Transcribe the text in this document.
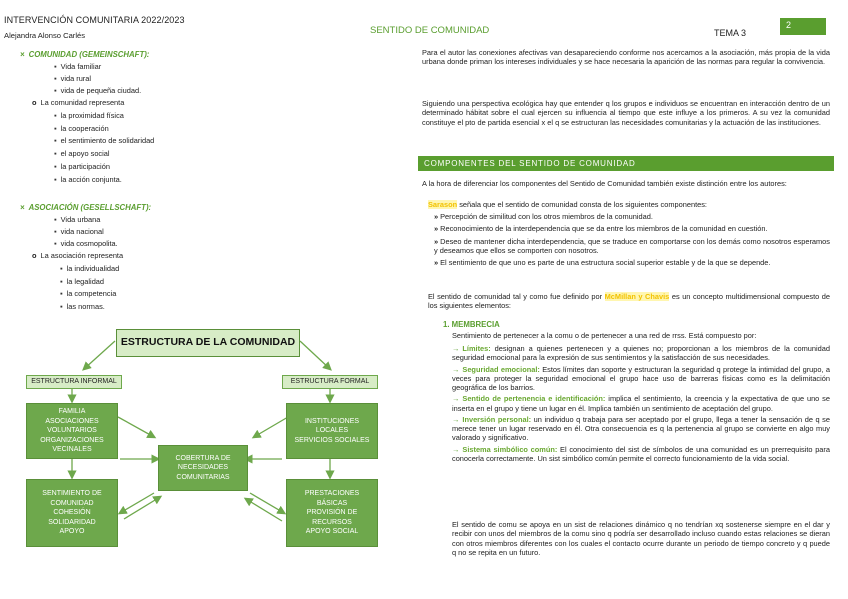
INTERVENCIÓN COMUNITARIA 2022/2023
Alejandra Alonso Carlés	SENTIDO DE COMUNIDAD	TEMA 3
2
× COMUNIDAD (GEMEINSCHAFT):
▪ Vida familiar
▪ vida rural
▪ vida de pequeña ciudad.
o La comunidad representa
▪ la proximidad física
▪ la cooperación
▪ el sentimiento de solidaridad
▪ el apoyo social
▪ la participación
▪ la acción conjunta.
× ASOCIACIÓN (GESELLSCHAFT):
▪ Vida urbana
▪ vida nacional
▪ vida cosmopolita.
o La asociación representa
▪ la individualidad
▪ la legalidad
▪ la competencia
▪ las normas.
ESTRUCTURA DE LA COMUNIDAD
ESTRUCTURA INFORMAL	ESTRUCTURA FORMAL
FAMILIA
ASOCIACIONES
VOLUNTARIOS
ORGANIZACIONES
VECINALES
INSTITUCIONES
LOCALES
SERVICIOS SOCIALES
COBERTURA DE
NECESIDADES
COMUNITARIAS
SENTIMIENTO DE
COMUNIDAD
COHESIÓN
SOLIDARIDAD
APOYO
PRESTACIONES
BÁSICAS
PROVISIÓN DE
RECURSOS
APOYO SOCIAL
Para el autor las conexiones afectivas van desapareciendo conforme nos acercamos a la asociación, más propia de la vida urbana donde priman los intereses individuales y se hace necesaria la aparición de las normas para regular la convivencia.
Siguiendo una perspectiva ecológica hay que entender q los grupos e individuos se encuentran en interacción dentro de un determinado hábitat sobre el cual ejercen su influencia al tiempo que este influye a los primeros. A su vez la comunidad constituye el pto de partida esencial x el q se estructuran las necesidades comunitarias y la actuación de las instituciones.
COMPONENTES DEL SENTIDO DE COMUNIDAD
A la hora de diferenciar los componentes del Sentido de Comunidad también existe distinción entre los autores:
Sarason señala que el sentido de comunidad consta de los siguientes componentes:
» Percepción de similitud con los otros miembros de la comunidad.
» Reconocimiento de la interdependencia que se da entre los miembros de la comunidad en cuestión.
» Deseo de mantener dicha interdependencia, que se traduce en comportarse con los demás como nosotros esperamos y deseamos que ellos se comporten con nosotros.
» El sentimiento de que uno es parte de una estructura social superior estable y de la que se depende.
El sentido de comunidad tal y como fue definido por McMillan y Chavis es un concepto multidimensional compuesto de los siguientes elementos:
1. MEMBRECIA
Sentimiento de pertenecer a la comu o de pertenecer a una red de rrss. Está compuesto por:
→ Límites: designan a quienes pertenecen y a quienes no; proporcionan a los miembros de la comunidad seguridad emocional para la expresión de sus sentimientos y la satisfacción de sus necesidades.
→ Seguridad emocional: Estos límites dan soporte y estructuran la seguridad q protege la intimidad del grupo, a veces para proteger la seguridad emocional el grupo hace uso de barreras físicas como es la delimitación geográfica de los barrios.
→ Sentido de pertenencia e identificación: implica el sentimiento, la creencia y la expectativa de que uno se inserta en el grupo y tiene un lugar en él. Implica también un sentimiento de aceptación del grupo.
→ Inversión personal: un individuo q trabaja para ser aceptado por el grupo, llega a tener la sensación de q se merece tener un lugar reservado en él. Otra consecuencia es q la pertenencia al grupo se convierte en algo muy valorado y significativo.
→ Sistema simbólico común: El conocimiento del sist de símbolos de una comunidad es un prerrequisito para conocerla correctamente. Un sist simbólico común permite el correcto funcionamiento de la vida social.
El sentido de comu se apoya en un sist de relaciones dinámico q no tendrían xq sostenerse siempre en el dar y recibir con unos del miembros de la comu sino q podría ser desarrollado incluso cuando estas relaciones se dieran con otros miembros diferentes con los cuales el contacto ocurre durante un periodo de tiempo concreto y q puede q no se repita en un futuro.
